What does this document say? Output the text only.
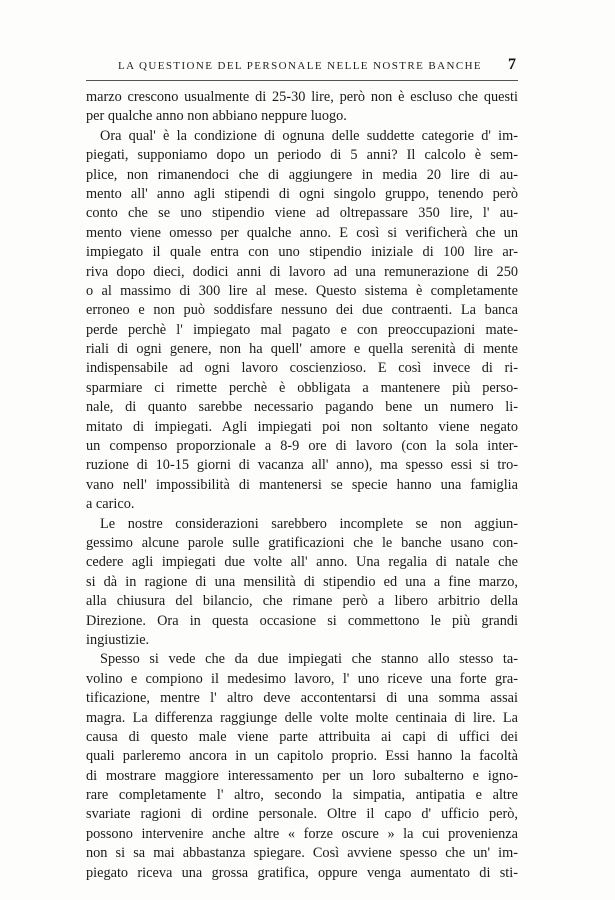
LA QUESTIONE DEL PERSONALE NELLE NOSTRE BANCHE 7
marzo crescono usualmente di 25-30 lire, però non è escluso che questi
per qualche anno non abbiano neppure luogo.
Ora qual' è la condizione di ognuna delle suddette categorie d' im-
piegati, supponiamo dopo un periodo di 5 anni? Il calcolo è sem-
plice, non rimanendoci che di aggiungere in media 20 lire di au-
mento all' anno agli stipendi di ogni singolo gruppo, tenendo però
conto che se uno stipendio viene ad oltrepassare 350 lire, l' au-
mento viene omesso per qualche anno. E così si verificherà che un
impiegato il quale entra con uno stipendio iniziale di 100 lire ar-
riva dopo dieci, dodici anni di lavoro ad una remunerazione di 250
o al massimo di 300 lire al mese. Questo sistema è completamente
erroneo e non può soddisfare nessuno dei due contraenti. La banca
perde perchè l' impiegato mal pagato e con preoccupazioni mate-
riali di ogni genere, non ha quell' amore e quella serenità di mente
indispensabile ad ogni lavoro coscienzioso. E così invece di ri-
sparmiare ci rimette perchè è obbligata a mantenere più perso-
nale, di quanto sarebbe necessario pagando bene un numero li-
mitato di impiegati. Agli impiegati poi non soltanto viene negato
un compenso proporzionale a 8-9 ore di lavoro (con la sola inter-
ruzione di 10-15 giorni di vacanza all' anno), ma spesso essi si tro-
vano nell' impossibilità di mantenersi se specie hanno una famiglia
a carico.
Le nostre considerazioni sarebbero incomplete se non aggiun-
gessimo alcune parole sulle gratificazioni che le banche usano con-
cedere agli impiegati due volte all' anno. Una regalia di natale che
si dà in ragione di una mensilità di stipendio ed una a fine marzo,
alla chiusura del bilancio, che rimane però a libero arbitrio della
Direzione. Ora in questa occasione si commettono le più grandi
ingiustizie.
Spesso si vede che da due impiegati che stanno allo stesso ta-
volino e compiono il medesimo lavoro, l' uno riceve una forte gra-
tificazione, mentre l' altro deve accontentarsi di una somma assai
magra. La differenza raggiunge delle volte molte centinaia di lire. La
causa di questo male viene parte attribuita ai capi di uffici dei
quali parleremo ancora in un capitolo proprio. Essi hanno la facoltà
di mostrare maggiore interessamento per un loro subalterno e igno-
rare completamente l' altro, secondo la simpatia, antipatia e altre
svariate ragioni di ordine personale. Oltre il capo d' ufficio però,
possono intervenire anche altre « forze oscure » la cui provenienza
non si sa mai abbastanza spiegare. Così avviene spesso che un' im-
piegato riceva una grossa gratifica, oppure venga aumentato di sti-
